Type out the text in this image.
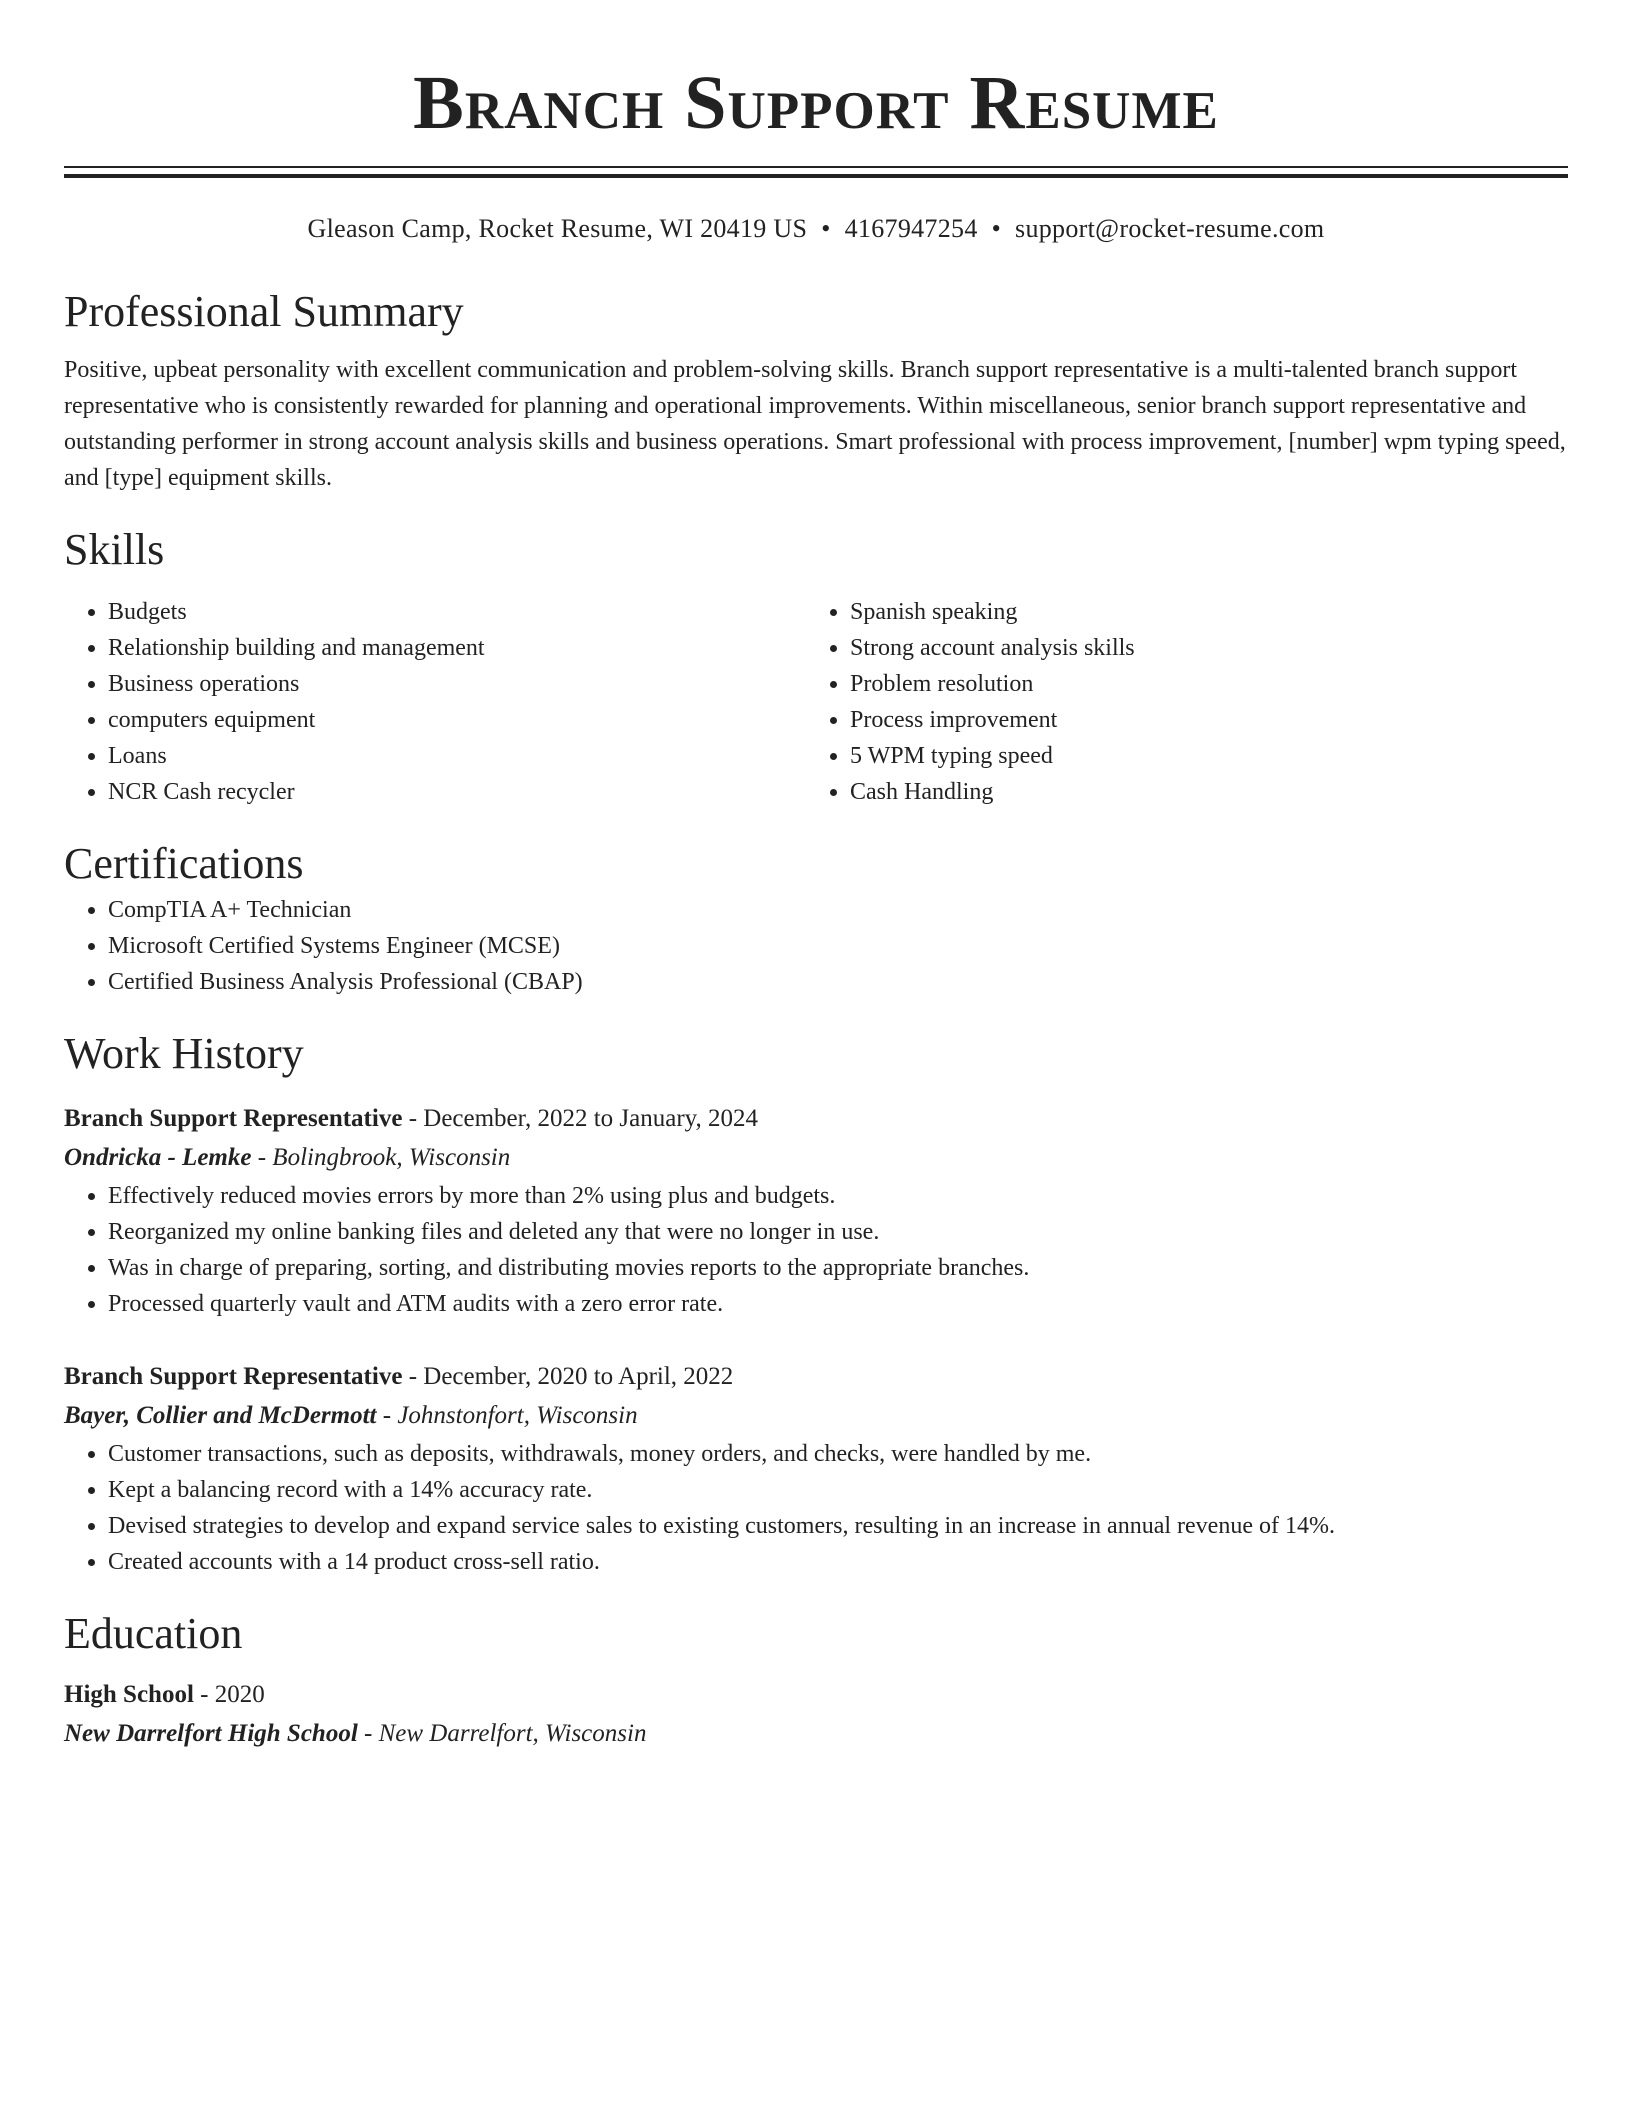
Branch Support Resume
Gleason Camp, Rocket Resume, WI 20419 US • 4167947254 • support@rocket-resume.com
Professional Summary

Positive, upbeat personality with excellent communication and problem-solving skills. Branch support representative is a multi-talented branch support representative who is consistently rewarded for planning and operational improvements. Within miscellaneous, senior branch support representative and outstanding performer in strong account analysis skills and business operations. Smart professional with process improvement, [number] wpm typing speed, and [type] equipment skills.

Skills
• Budgets
• Relationship building and management
• Business operations
• computers equipment
• Loans
• NCR Cash recycler
• Spanish speaking
• Strong account analysis skills
• Problem resolution
• Process improvement
• 5 WPM typing speed
• Cash Handling
Certifications
• CompTIA A+ Technician
• Microsoft Certified Systems Engineer (MCSE)
• Certified Business Analysis Professional (CBAP)
Work History
Branch Support Representative - December, 2022 to January, 2024
Ondricka - Lemke - Bolingbrook, Wisconsin
• Effectively reduced movies errors by more than 2% using plus and budgets.
• Reorganized my online banking files and deleted any that were no longer in use.
• Was in charge of preparing, sorting, and distributing movies reports to the appropriate branches.
• Processed quarterly vault and ATM audits with a zero error rate.
Branch Support Representative - December, 2020 to April, 2022
Bayer, Collier and McDermott - Johnstonfort, Wisconsin
• Customer transactions, such as deposits, withdrawals, money orders, and checks, were handled by me.
• Kept a balancing record with a 14% accuracy rate.
• Devised strategies to develop and expand service sales to existing customers, resulting in an increase in annual revenue of 14%.
• Created accounts with a 14 product cross-sell ratio.
Education
High School - 2020
New Darrelfort High School - New Darrelfort, Wisconsin
